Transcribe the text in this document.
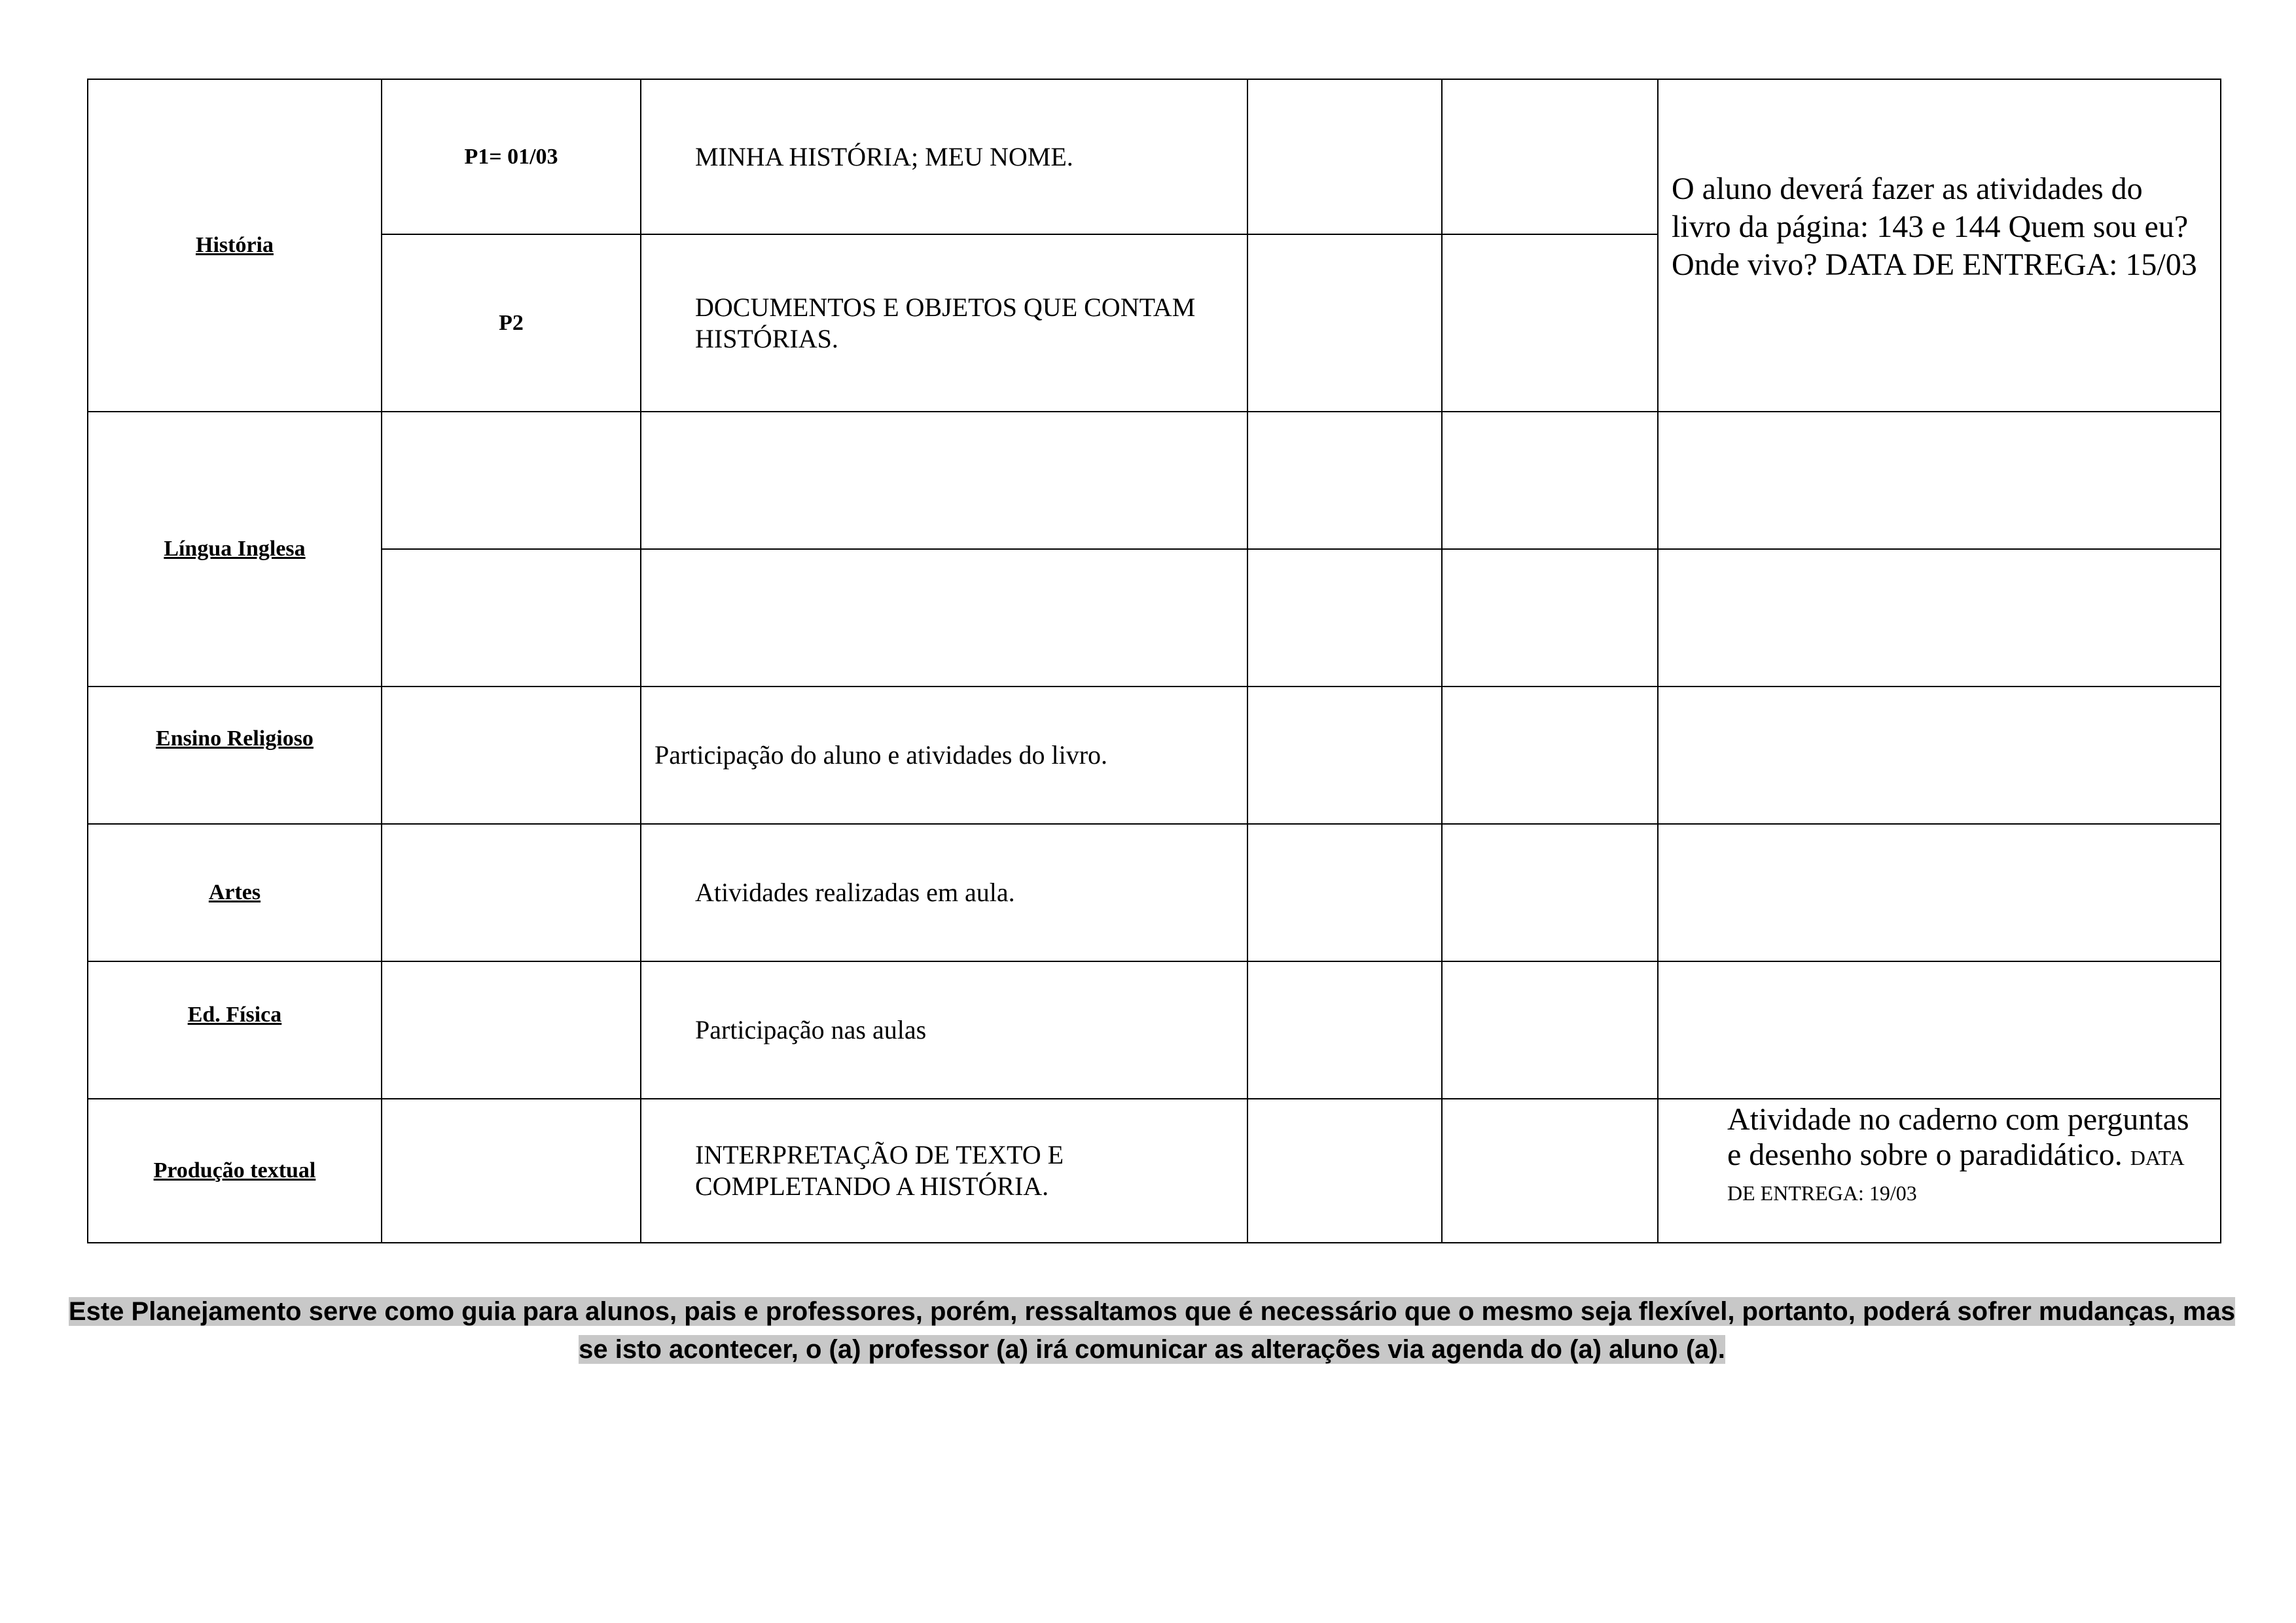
História	P1= 01/03	MINHA HISTÓRIA; MEU NOME.			O aluno deverá fazer as atividades do livro da página: 143 e 144 Quem sou eu? Onde vivo? DATA DE ENTREGA: 15/03
	P2	DOCUMENTOS E OBJETOS QUE CONTAM HISTÓRIAS.			
Língua Inglesa					

Ensino Religioso		Participação do aluno e atividades do livro.			
Artes		Atividades realizadas em aula.			
Ed. Física		Participação nas aulas			
Produção textual		INTERPRETAÇÃO DE TEXTO E COMPLETANDO A HISTÓRIA.			Atividade no caderno com perguntas e desenho sobre o paradidático. DATA DE ENTREGA: 19/03
Este Planejamento serve como guia para alunos, pais e professores, porém, ressaltamos que é necessário que o mesmo seja flexível, portanto, poderá sofrer mudanças, mas
se isto acontecer, o (a) professor (a) irá comunicar as alterações via agenda do (a) aluno (a).
